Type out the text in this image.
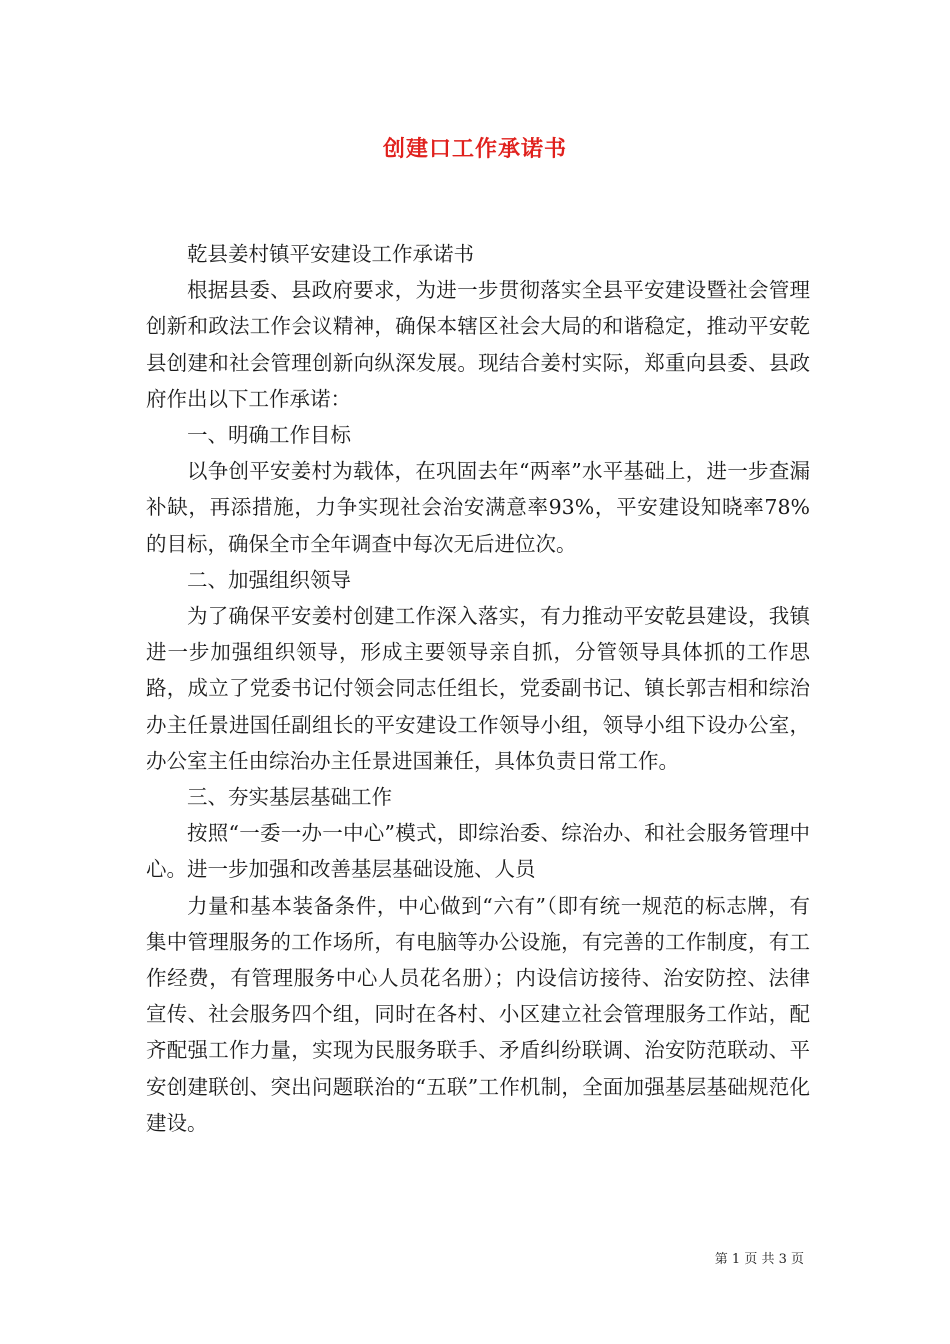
创建口工作承诺书

乾县姜村镇平安建设工作承诺书

根据县委、县政府要求，为进一步贯彻落实全县平安建设暨社会管理创新和政法工作会议精神，确保本辖区社会大局的和谐稳定，推动平安乾县创建和社会管理创新向纵深发展。现结合姜村实际，郑重向县委、县政府作出以下工作承诺：

一、明确工作目标

以争创平安姜村为载体，在巩固去年“两率”水平基础上，进一步查漏补缺，再添措施，力争实现社会治安满意率93%，平安建设知晓率78%的目标，确保全市全年调查中每次无后进位次。

二、加强组织领导

为了确保平安姜村创建工作深入落实，有力推动平安乾县建设，我镇进一步加强组织领导，形成主要领导亲自抓，分管领导具体抓的工作思路，成立了党委书记付领会同志任组长，党委副书记、镇长郭吉相和综治办主任景进国任副组长的平安建设工作领导小组，领导小组下设办公室，办公室主任由综治办主任景进国兼任，具体负责日常工作。

三、夯实基层基础工作

按照“一委一办一中心”模式，即综治委、综治办、和社会服务管理中心。进一步加强和改善基层基础设施、人员

力量和基本装备条件，中心做到“六有”（即有统一规范的标志牌，有集中管理服务的工作场所，有电脑等办公设施，有完善的工作制度，有工作经费，有管理服务中心人员花名册）；内设信访接待、治安防控、法律宣传、社会服务四个组，同时在各村、小区建立社会管理服务工作站，配齐配强工作力量，实现为民服务联手、矛盾纠纷联调、治安防范联动、平安创建联创、突出问题联治的“五联”工作机制，全面加强基层基础规范化建设。

第 1 页 共 3 页
